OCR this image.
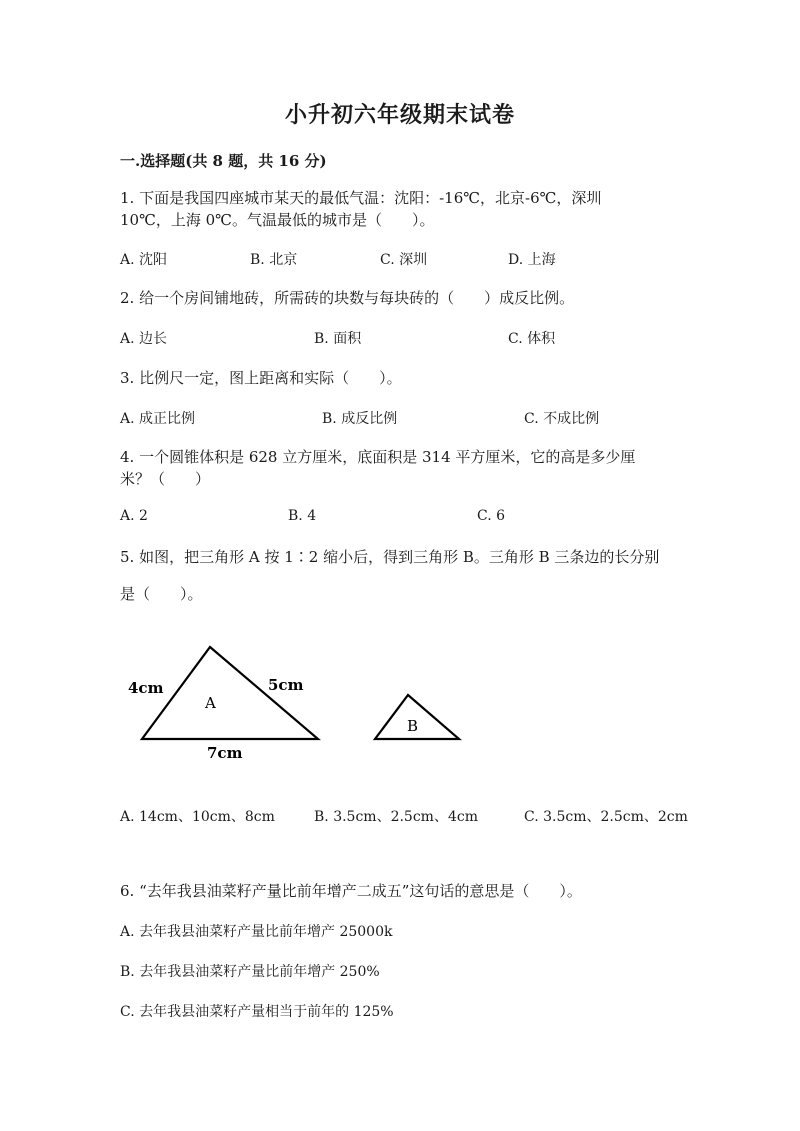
小升初六年级期末试卷
一.选择题(共 8 题，共 16 分)
1. 下面是我国四座城市某天的最低气温：沈阳：-16℃，北京-6℃，深圳
10℃，上海 0℃。气温最低的城市是（　　）。
A. 沈阳	B. 北京	C. 深圳	D. 上海
2. 给一个房间铺地砖，所需砖的块数与每块砖的（　　）成反比例。
A. 边长	B. 面积	C. 体积
3. 比例尺一定，图上距离和实际（　　）。
A. 成正比例	B. 成反比例	C. 不成比例
4. 一个圆锥体积是 628 立方厘米，底面积是 314 平方厘米，它的高是多少厘
米？（　　）
A. 2	B. 4	C. 6
5. 如图，把三角形 A 按 1∶2 缩小后，得到三角形 B。三角形 B 三条边的长分别
是（　　）。
A
4cm	5cm
7cm
B
A. 14cm、10cm、8cm	B. 3.5cm、2.5cm、4cm	C. 3.5cm、2.5cm、2cm
6. “去年我县油菜籽产量比前年增产二成五”这句话的意思是（　　）。
A. 去年我县油菜籽产量比前年增产 25000k
B. 去年我县油菜籽产量比前年增产 250%
C. 去年我县油菜籽产量相当于前年的 125%
